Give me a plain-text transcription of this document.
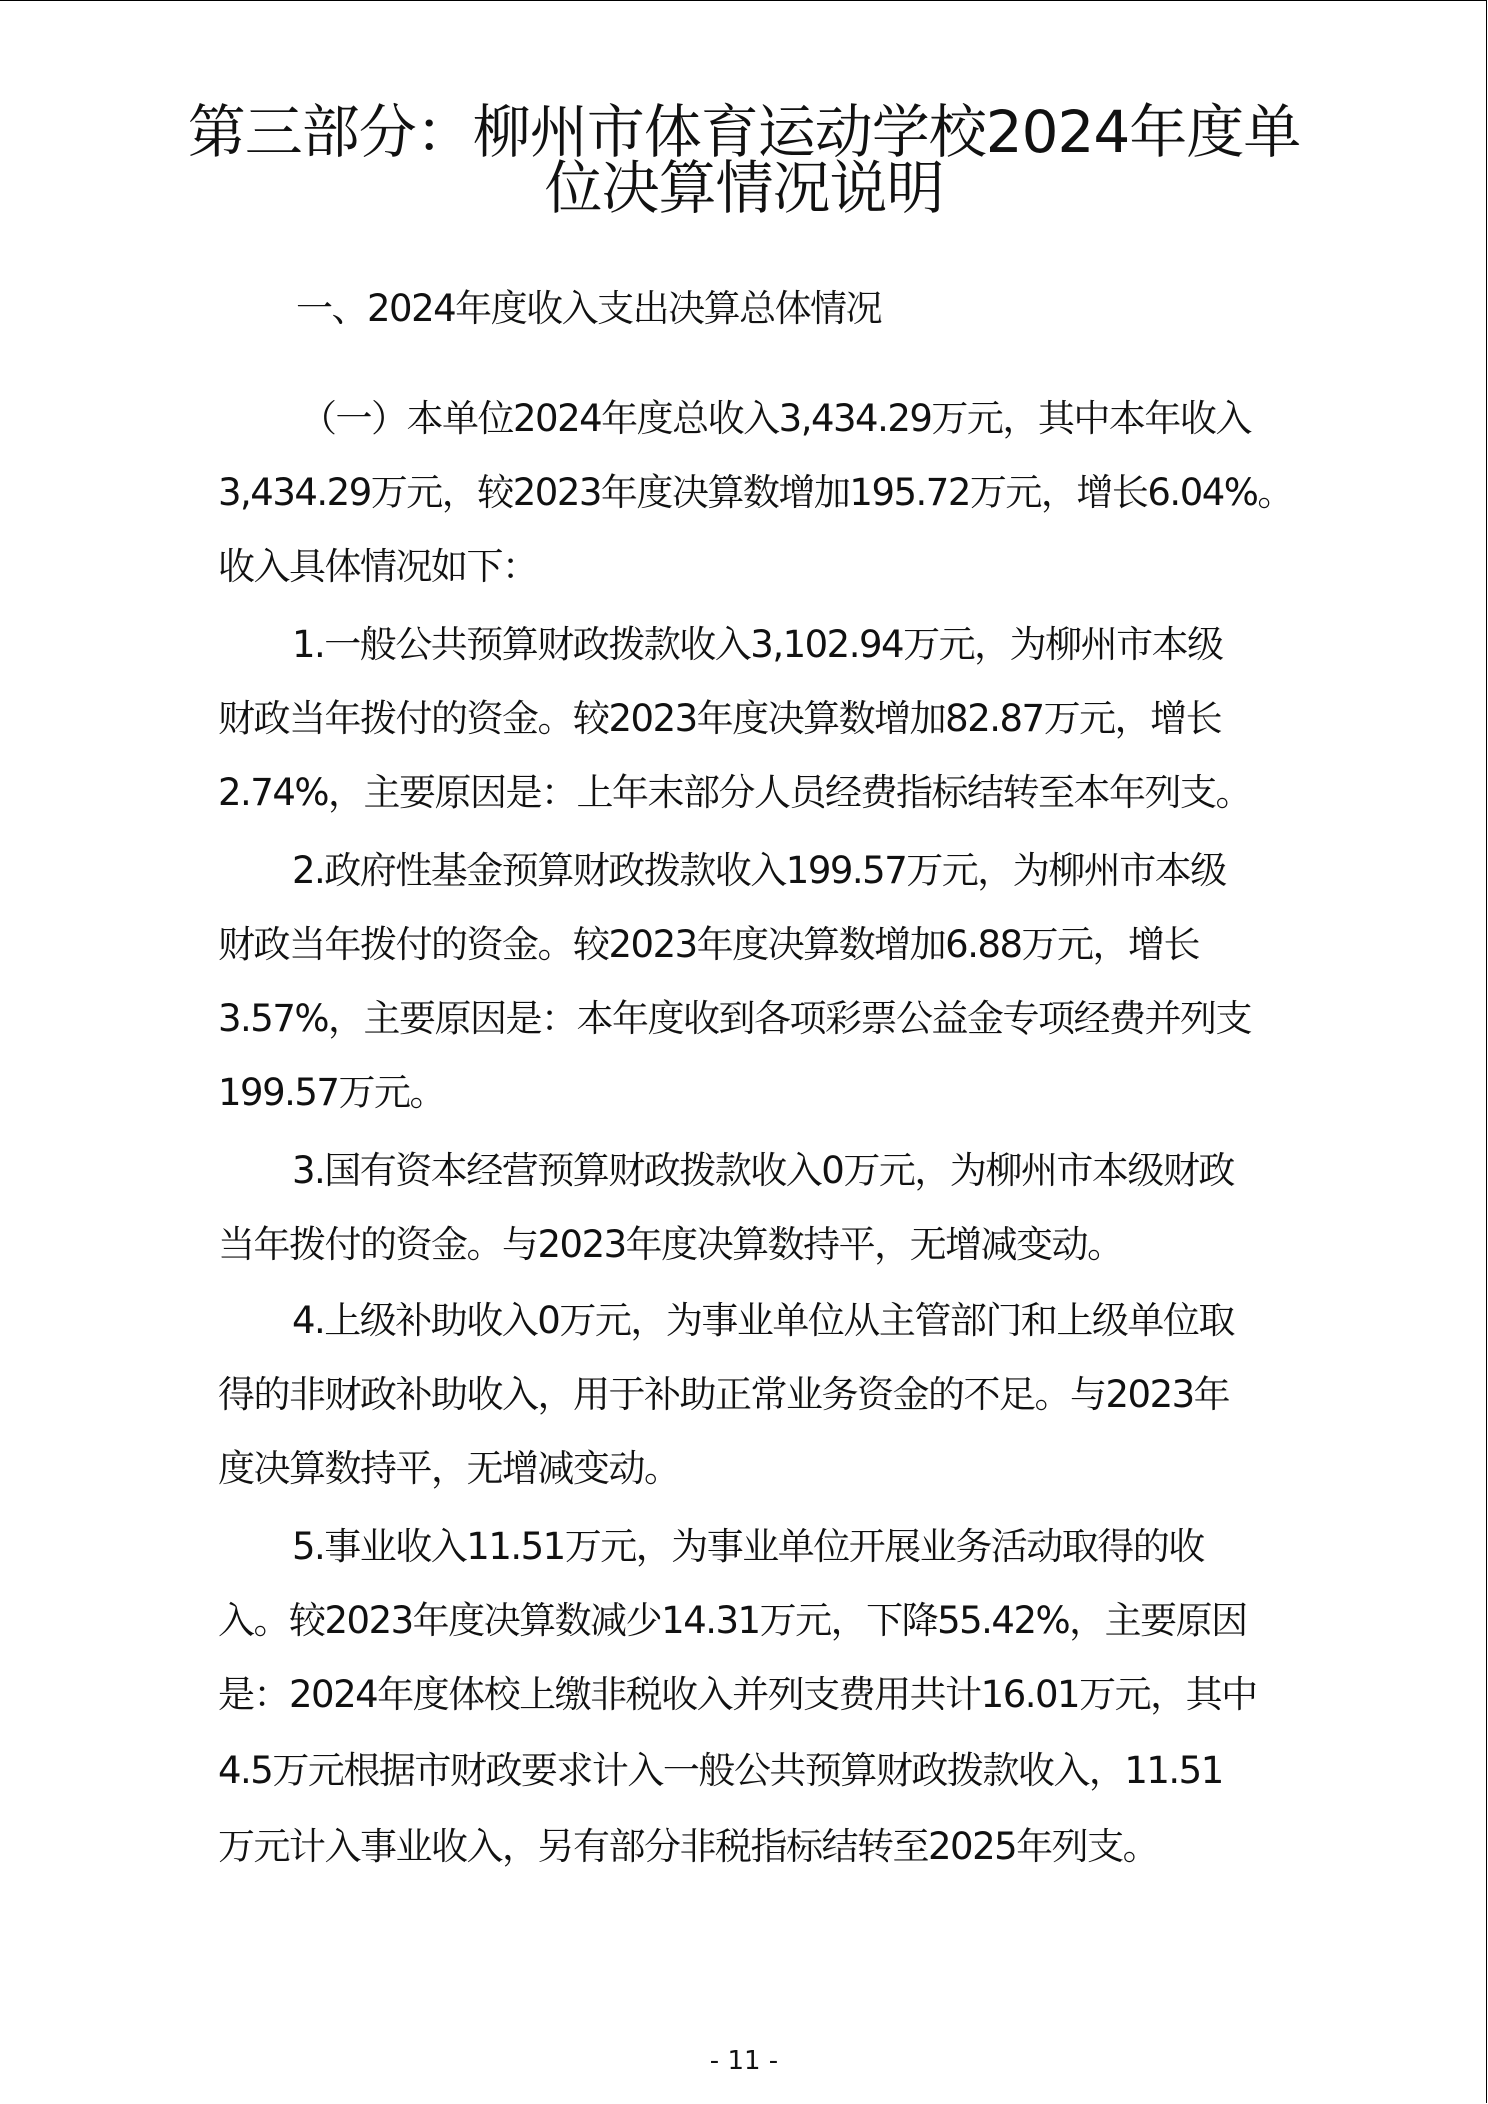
第三部分：柳州市体育运动学校2024年度单
位决算情况说明
一、2024年度收入支出决算总体情况
（一）本单位2024年度总收入3,434.29万元，其中本年收入
3,434.29万元，较2023年度决算数增加195.72万元，增长6.04%。
收入具体情况如下：
1.一般公共预算财政拨款收入3,102.94万元，为柳州市本级
财政当年拨付的资金。较2023年度决算数增加82.87万元，增长
2.74%，主要原因是：上年末部分人员经费指标结转至本年列支。
2.政府性基金预算财政拨款收入199.57万元，为柳州市本级
财政当年拨付的资金。较2023年度决算数增加6.88万元，增长
3.57%，主要原因是：本年度收到各项彩票公益金专项经费并列支
199.57万元。
3.国有资本经营预算财政拨款收入0万元，为柳州市本级财政
当年拨付的资金。与2023年度决算数持平，无增减变动。
4.上级补助收入0万元，为事业单位从主管部门和上级单位取
得的非财政补助收入，用于补助正常业务资金的不足。与2023年
度决算数持平，无增减变动。
5.事业收入11.51万元，为事业单位开展业务活动取得的收
入。较2023年度决算数减少14.31万元，下降55.42%，主要原因
是：2024年度体校上缴非税收入并列支费用共计16.01万元，其中
4.5万元根据市财政要求计入一般公共预算财政拨款收入，11.51
万元计入事业收入，另有部分非税指标结转至2025年列支。
- 11 -
